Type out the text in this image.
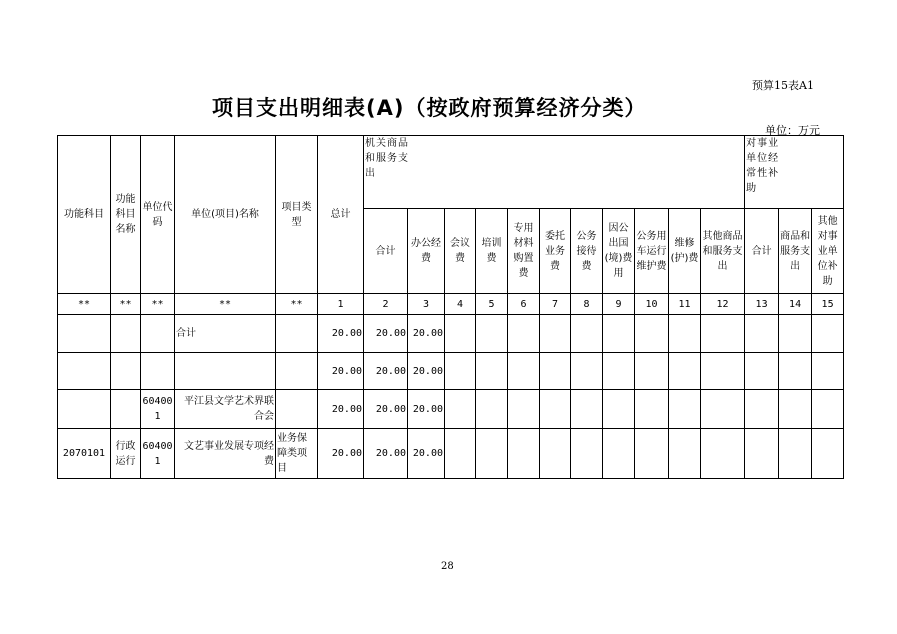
预算15表A1
项目支出明细表(A)（按政府预算经济分类）
单位：万元
功能科目	功能科目名称	单位代码	单位(项目)名称	项目类型	总计	机关商品和服务支出											对事业单位经常性补助		

						合计	办公经费	会议费	培训费	专用材料购置费	委托业务费	公务接待费	因公出国(境)费用	公务用车运行维护费	维修(护)费	其他商品和服务支出	合计	商品和服务支出	其他对事业单位补助
**	**	**	**	**	1	2	3	4	5	6	7	8	9	10	11	12	13	14	15
			合计		20.00	20.00	20.00												
					20.00	20.00	20.00												
		604001	平江县文学艺术界联合会		20.00	20.00	20.00												
2070101	行政运行	604001	文艺事业发展专项经费	业务保障类项目	20.00	20.00	20.00												
28
